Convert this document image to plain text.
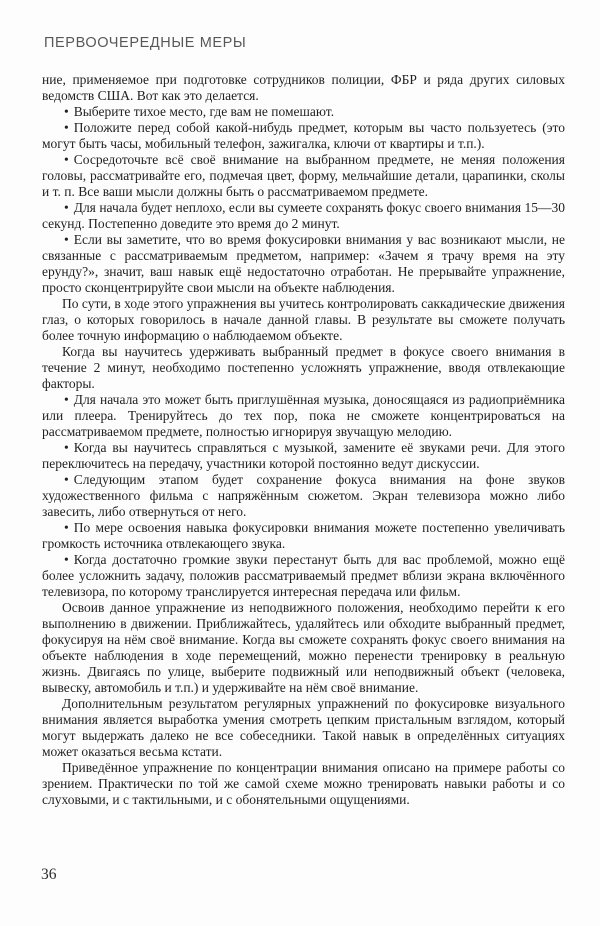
ПЕРВООЧЕРЕДНЫЕ МЕРЫ

ние, применяемое при подготовке сотрудников полиции, ФБР и ряда других силовых ведомств США. Вот как это делается.

• Выберите тихое место, где вам не помешают.

• Положите перед собой какой-нибудь предмет, которым вы часто пользуетесь (это могут быть часы, мобильный телефон, зажигалка, ключи от квартиры и т.п.).

• Сосредоточьте всё своё внимание на выбранном предмете, не меняя положения головы, рассматривайте его, подмечая цвет, форму, мельчайшие детали, царапинки, сколы и т. п. Все ваши мысли должны быть о рассматриваемом предмете.

• Для начала будет неплохо, если вы сумеете сохранять фокус своего внимания 15—30 секунд. Постепенно доведите это время до 2 минут.

• Если вы заметите, что во время фокусировки внимания у вас возникают мысли, не связанные с рассматриваемым предметом, например: «Зачем я трачу время на эту ерунду?», значит, ваш навык ещё недостаточно отработан. Не прерывайте упражнение, просто сконцентрируйте свои мысли на объекте наблюдения.

По сути, в ходе этого упражнения вы учитесь контролировать саккадические движения глаз, о которых говорилось в начале данной главы. В результате вы сможете получать более точную информацию о наблюдаемом объекте.

Когда вы научитесь удерживать выбранный предмет в фокусе своего внимания в течение 2 минут, необходимо постепенно усложнять упражнение, вводя отвлекающие факторы.

• Для начала это может быть приглушённая музыка, доносящаяся из радиоприёмника или плеера. Тренируйтесь до тех пор, пока не сможете концентрироваться на рассматриваемом предмете, полностью игнорируя звучащую мелодию.

• Когда вы научитесь справляться с музыкой, замените её звуками речи. Для этого переключитесь на передачу, участники которой постоянно ведут дискуссии.

• Следующим этапом будет сохранение фокуса внимания на фоне звуков художественного фильма с напряжённым сюжетом. Экран телевизора можно либо завесить, либо отвернуться от него.

• По мере освоения навыка фокусировки внимания можете постепенно увеличивать громкость источника отвлекающего звука.

• Когда достаточно громкие звуки перестанут быть для вас проблемой, можно ещё более усложнить задачу, положив рассматриваемый предмет вблизи экрана включённого телевизора, по которому транслируется интересная передача или фильм.

Освоив данное упражнение из неподвижного положения, необходимо перейти к его выполнению в движении. Приближайтесь, удаляйтесь или обходите выбранный предмет, фокусируя на нём своё внимание. Когда вы сможете сохранять фокус своего внимания на объекте наблюдения в ходе перемещений, можно перенести тренировку в реальную жизнь. Двигаясь по улице, выберите подвижный или неподвижный объект (человека, вывеску, автомобиль и т.п.) и удерживайте на нём своё внимание.

Дополнительным результатом регулярных упражнений по фокусировке визуального внимания является выработка умения смотреть цепким пристальным взглядом, который могут выдержать далеко не все собеседники. Такой навык в определённых ситуациях может оказаться весьма кстати.

Приведённое упражнение по концентрации внимания описано на примере работы со зрением. Практически по той же самой схеме можно тренировать навыки работы и со слуховыми, и с тактильными, и с обонятельными ощущениями.

36
